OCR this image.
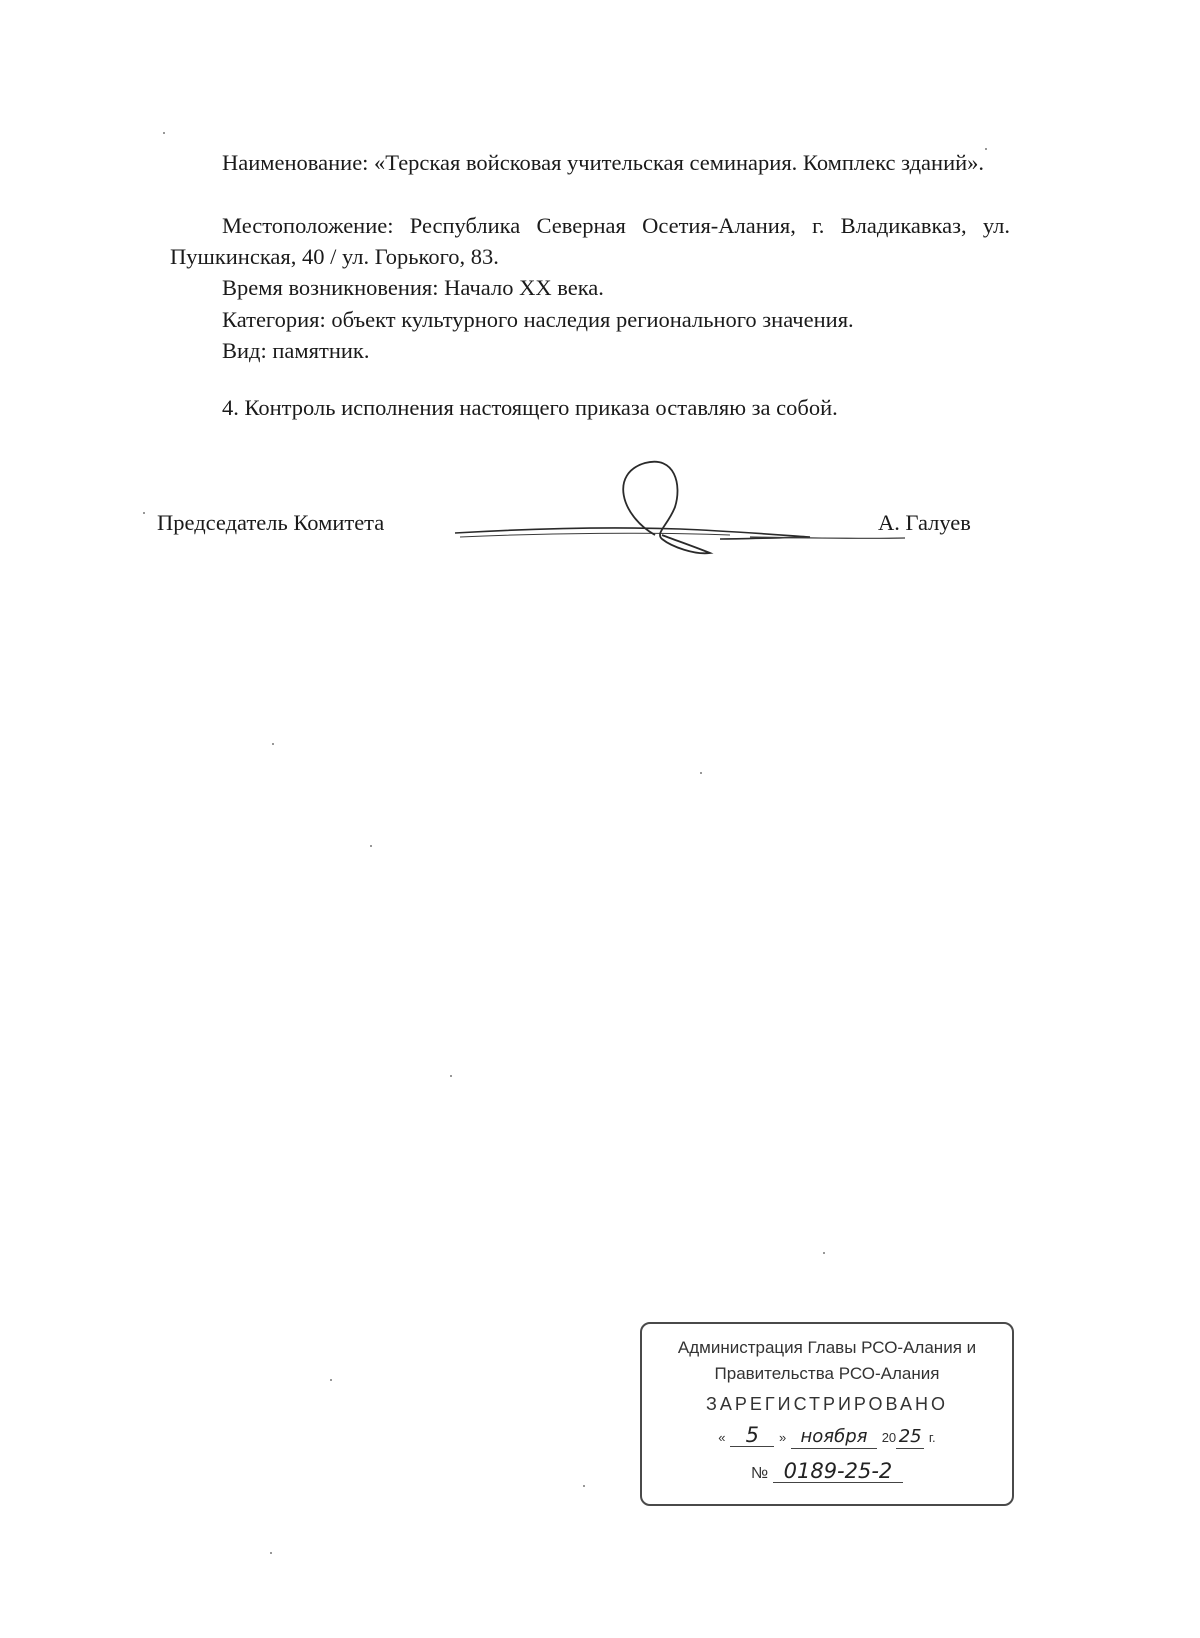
Наименование: «Терская войсковая учительская семинария. Комплекс зданий».

Местоположение: Республика Северная Осетия-Алания, г. Владикавказ, ул. Пушкинская, 40 / ул. Горького, 83.

Время возникновения: Начало XX века.
Категория: объект культурного наследия регионального значения.
Вид: памятник.
4. Контроль исполнения настоящего приказа оставляю за собой.
Председатель Комитета	А. Галуев
Администрация Главы РСО-Алания и
Правительства РСО-Алания
ЗАРЕГИСТРИРОВАНО
« 5 » ноября 20 25 г.
№ 0189-25-2
